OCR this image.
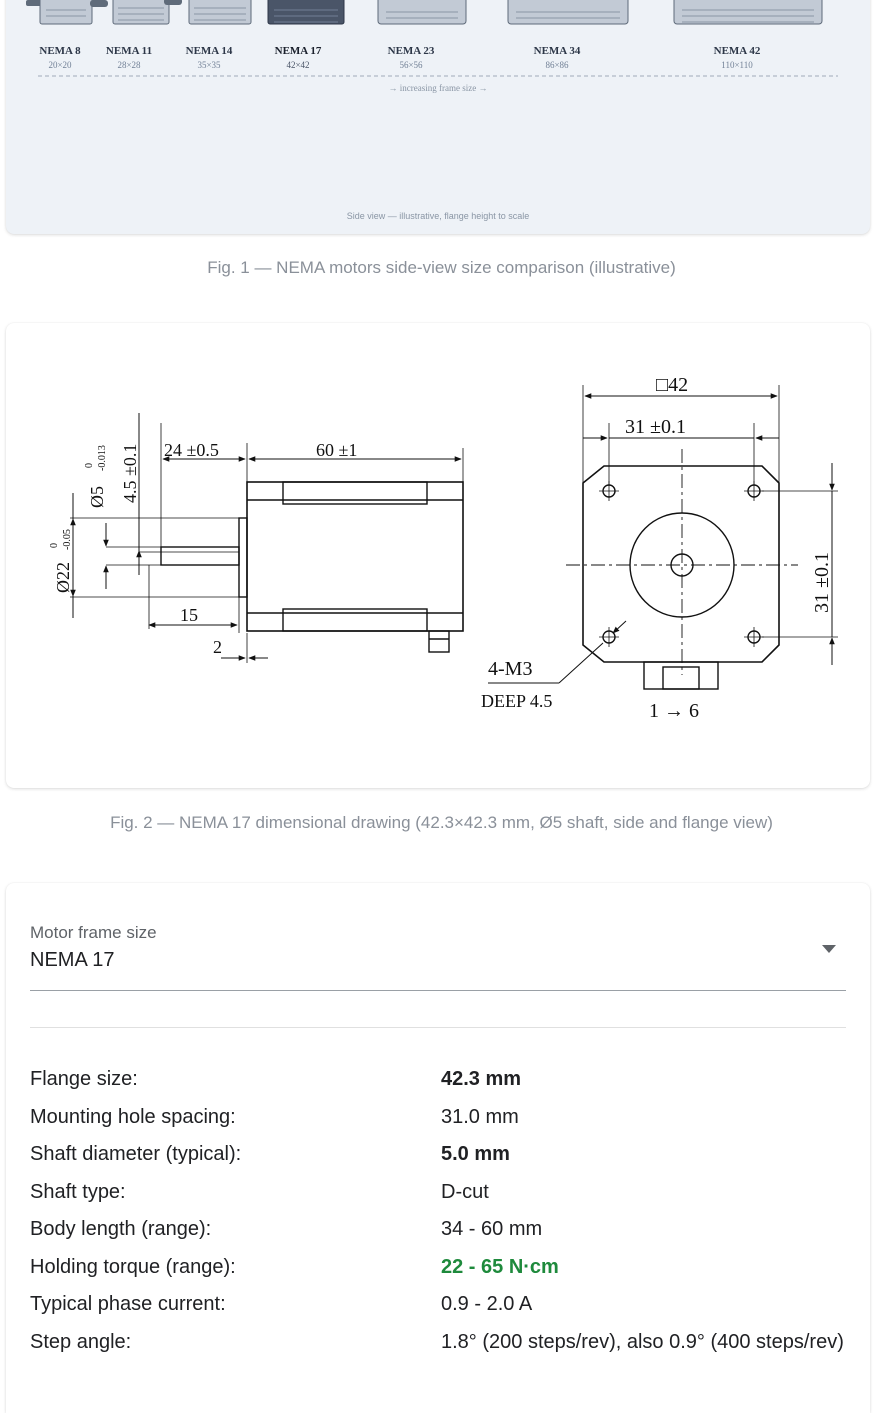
NEMA 8
20×20
NEMA 11
28×28
NEMA 14
35×35
NEMA 17
42×42
NEMA 23
56×56
NEMA 34
86×86
NEMA 42
110×110
→ increasing frame size →
Side view — illustrative, flange height to scale
Fig. 1 — NEMA motors side-view size comparison (illustrative)
24 ±0.5	60 ±1
15
2
4.5 ±0.1
Ø5
0 -0.013
Ø22
0 -0.05
□42
31 ±0.1
31 ±0.1
4-M3
DEEP 4.5	1 → 6
Fig. 2 — NEMA 17 dimensional drawing (42.3×42.3 mm, Ø5 shaft, side and flange view)
Motor frame size
NEMA 17
Flange size:	42.3 mm
Mounting hole spacing:	31.0 mm
Shaft diameter (typical):	5.0 mm
Shaft type:	D-cut
Body length (range):	34 - 60 mm
Holding torque (range):	22 - 65 N·cm
Typical phase current:	0.9 - 2.0 A
Step angle:	1.8° (200 steps/rev), also 0.9° (400 steps/rev)
